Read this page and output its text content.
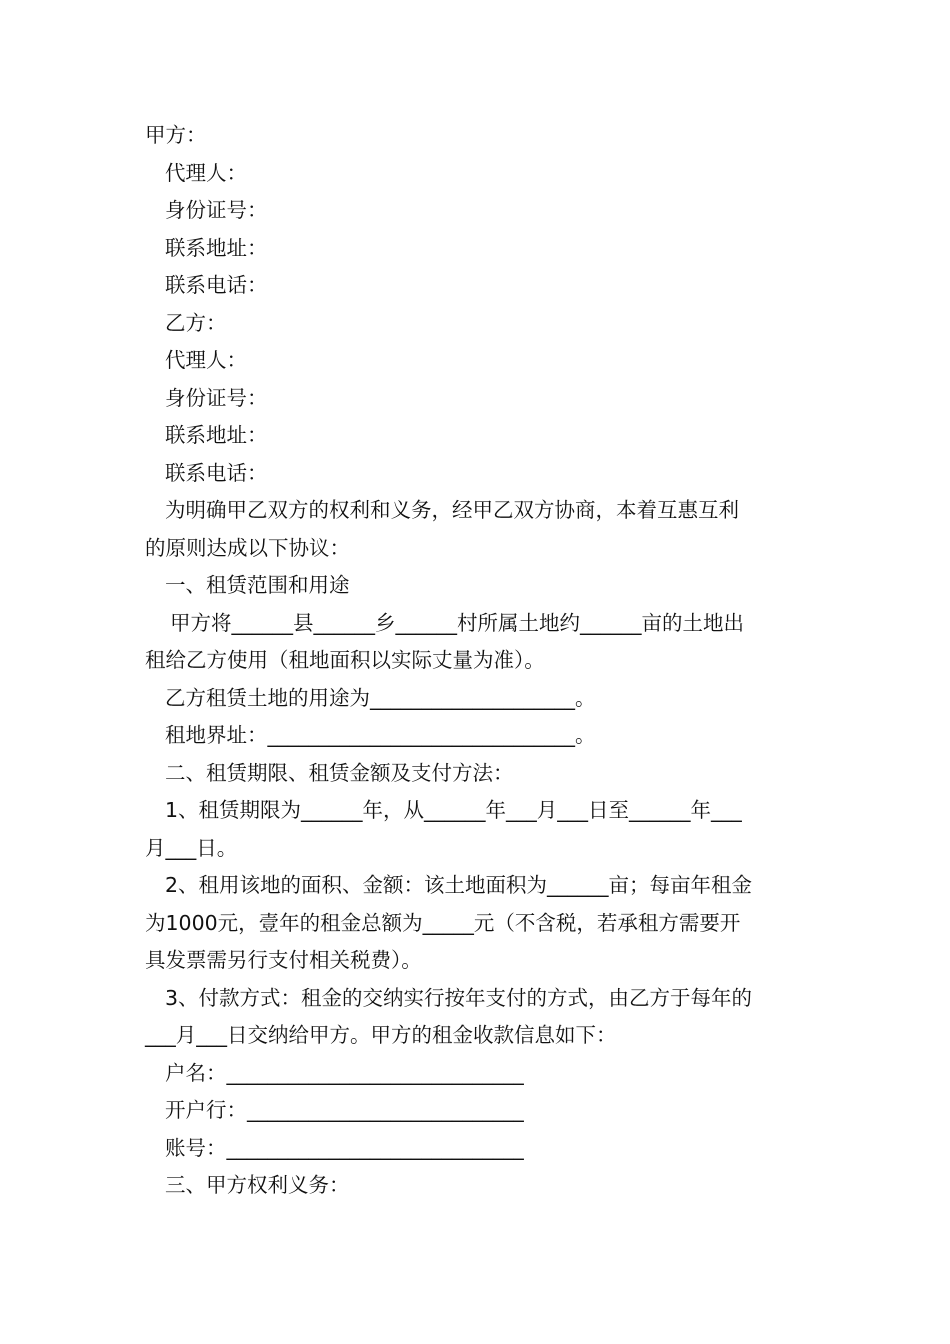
甲方：

代理人：

身份证号：

联系地址：

联系电话：

乙方：

代理人：

身份证号：

联系地址：

联系电话：

为明确甲乙双方的权利和义务，经甲乙双方协商，本着互惠互利

的原则达成以下协议：

一、租赁范围和用途

甲方将______县______乡______村所属土地约______亩的土地出

租给乙方使用（租地面积以实际丈量为准）。

乙方租赁土地的用途为____________________。

租地界址：______________________________。

二、租赁期限、租赁金额及支付方法：

1、租赁期限为______年，从______年___月___日至______年___

月___日。

2、租用该地的面积、金额：该土地面积为______亩；每亩年租金

为1000元，壹年的租金总额为_____元（不含税，若承租方需要开

具发票需另行支付相关税费）。

3、付款方式：租金的交纳实行按年支付的方式，由乙方于每年的

___月___日交纳给甲方。甲方的租金收款信息如下：

户名：_____________________________

开户行：___________________________

账号：_____________________________

三、甲方权利义务：
